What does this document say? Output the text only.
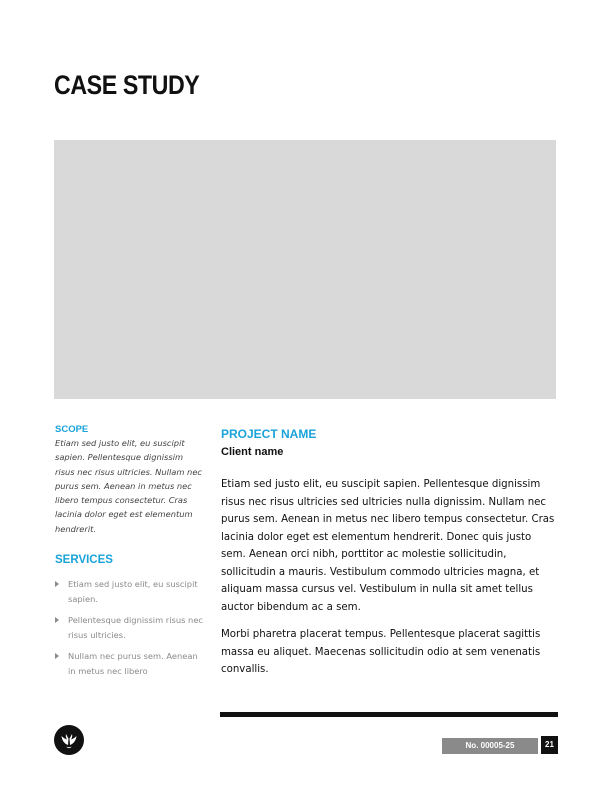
CASE STUDY
SCOPE

Etiam sed justo elit, eu suscipit sapien. Pellentesque dignissim risus nec risus ultricies. Nullam nec purus sem. Aenean in metus nec libero tempus consectetur. Cras lacinia dolor eget est elementum hendrerit.

SERVICES
Etiam sed justo elit, eu suscipit sapien.
Pellentesque dignissim risus nec risus ultricies.
Nullam nec purus sem. Aenean in metus nec libero
PROJECT NAME

Client name

Etiam sed justo elit, eu suscipit sapien. Pellentesque dignissim risus nec risus ultricies sed ultricies nulla dignissim. Nullam nec purus sem. Aenean in metus nec libero tempus consectetur. Cras lacinia dolor eget est elementum hendrerit. Donec quis justo sem. Aenean orci nibh, porttitor ac molestie sollicitudin, sollicitudin a mauris. Vestibulum commodo ultricies magna, et aliquam massa cursus vel. Vestibulum in nulla sit amet tellus auctor bibendum ac a sem.

Morbi pharetra placerat tempus. Pellentesque placerat sagittis massa eu aliquet. Maecenas sollicitudin odio at sem venenatis convallis.

No. 00005-25	21
